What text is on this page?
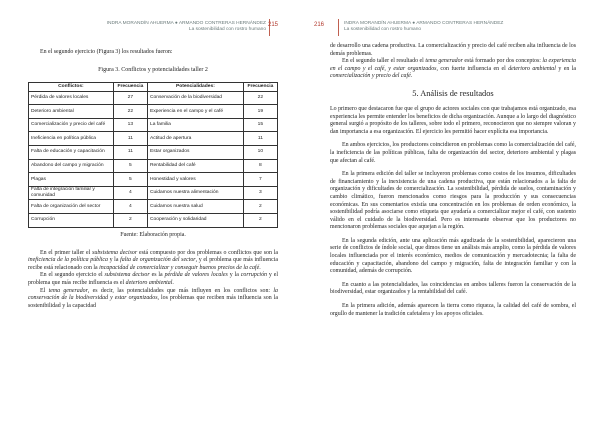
INDRA MORANDÍN AHUERMA ● ARMANDO CONTRERAS HERNÁNDEZ
La sostenibilidad con rostro humano
215

En el segundo ejercicio (Figura 3) los resultados fueron:

Figura 3. Conflictos y potencialidades taller 2

Conflictos:	Frecuencia	Potencialidades:	Frecuencia
Pérdida de valores locales	27	Conservación de la biodiversidad	22
Deterioro ambiental	22	Experiencia en el campo y el café	19
Comercialización y precio del café	13	La familia	15
Ineficiencia en política pública	11	Actitud de apertura	11
Falta de educación y capacitación	11	Estar organizados	10
Abandono del campo y migración	5	Rentabilidad del café	8
Plagas	5	Honestidad y valores	7
Falta de integración familiar y comunidad	4	Cuidamos nuestra alimentación	3
Falta de organización del sector	4	Cuidamos nuestra salud	2
Corrupción	2	Cooperación y solidaridad	2

Fuente: Elaboración propia.

En el primer taller el subsistema decisor está compuesto por dos problemas o conflictos que son la ineficiencia de la política pública y la falta de organización del sector, y el problema que más influencia recibe está relacionado con la incapacidad de comercializar y conseguir buenos precios de la café.

En el segundo ejercicio el subsistema decisor es la pérdida de valores locales y la corrupción y el problema que más recibe influencia es el deterioro ambiental.

El tema generador, es decir, las potencialidades que más influyen en los conflictos son: la conservación de la biodiversidad y estar organizados, los problemas que reciben más influencia son la sostenibilidad y la capacidad

216	INDRA MORANDÍN AHUERMA ● ARMANDO CONTRERAS HERNÁNDEZ
La sostenibilidad con rostro humano

de desarrollo una cadena productiva. La comercialización y precio del café reciben alta influencia de los demás problemas.

En el segundo taller el resultado el tema generador está formado por dos conceptos: la experiencia en el campo y el café, y estar organizados, con fuerte influencia en el deterioro ambiental y en la comercialización y precio del café.

5. Análisis de resultados

Lo primero que destacaron fue que el grupo de actores sociales con que trabajamos está organizado, esa experiencia les permite entender los beneficios de dicha organización. Aunque a lo largo del diagnóstico general surgió a propósito de los talleres, sobre todo el primero, reconocieron que no siempre valoran y dan importancia a esa organización. El ejercicio les permitió hacer explícita esa importancia.

En ambos ejercicios, los productores coincidieron en problemas como la comercialización del café, la ineficiencia de las políticas públicas, falta de organización del sector, deterioro ambiental y plagas que afectan al café.

En la primera edición del taller se incluyeron problemas como costos de los insumos, dificultades de financiamiento y la inexistencia de una cadena productiva, que están relacionados a la falta de organización y dificultades de comercialización. La sostenibilidad, pérdida de suelos, contaminación y cambio climático, fueron mencionados como riesgos para la producción y sus consecuencias económicas. En sus comentarios existía una concentración en los problemas de orden económico, la sostenibilidad podría asociarse como etiqueta que ayudaría a comercializar mejor el café, con sustento válido en el cuidado de la biodiversidad. Pero es interesante observar que los productores no mencionaron problemas sociales que aquejan a la región.

En la segunda edición, ante una aplicación más agudizada de la sostenibilidad, aparecieron una serie de conflictos de índole social, que dimos tiene un análisis más amplio, como la pérdida de valores locales influenciada por el interés económico, medios de comunicación y mercadotecnia; la falta de educación y capacitación, abandono del campo y migración, falta de integración familiar y con la comunidad, además de corrupción.

En cuanto a las potencialidades, las coincidencias en ambos talleres fueron la conservación de la biodiversidad, estar organizados y la rentabilidad del café.

En la primera adición, además aparecen la tierra como riqueza, la calidad del café de sombra, el orgullo de mantener la tradición cafetalera y los apoyos oficiales.
